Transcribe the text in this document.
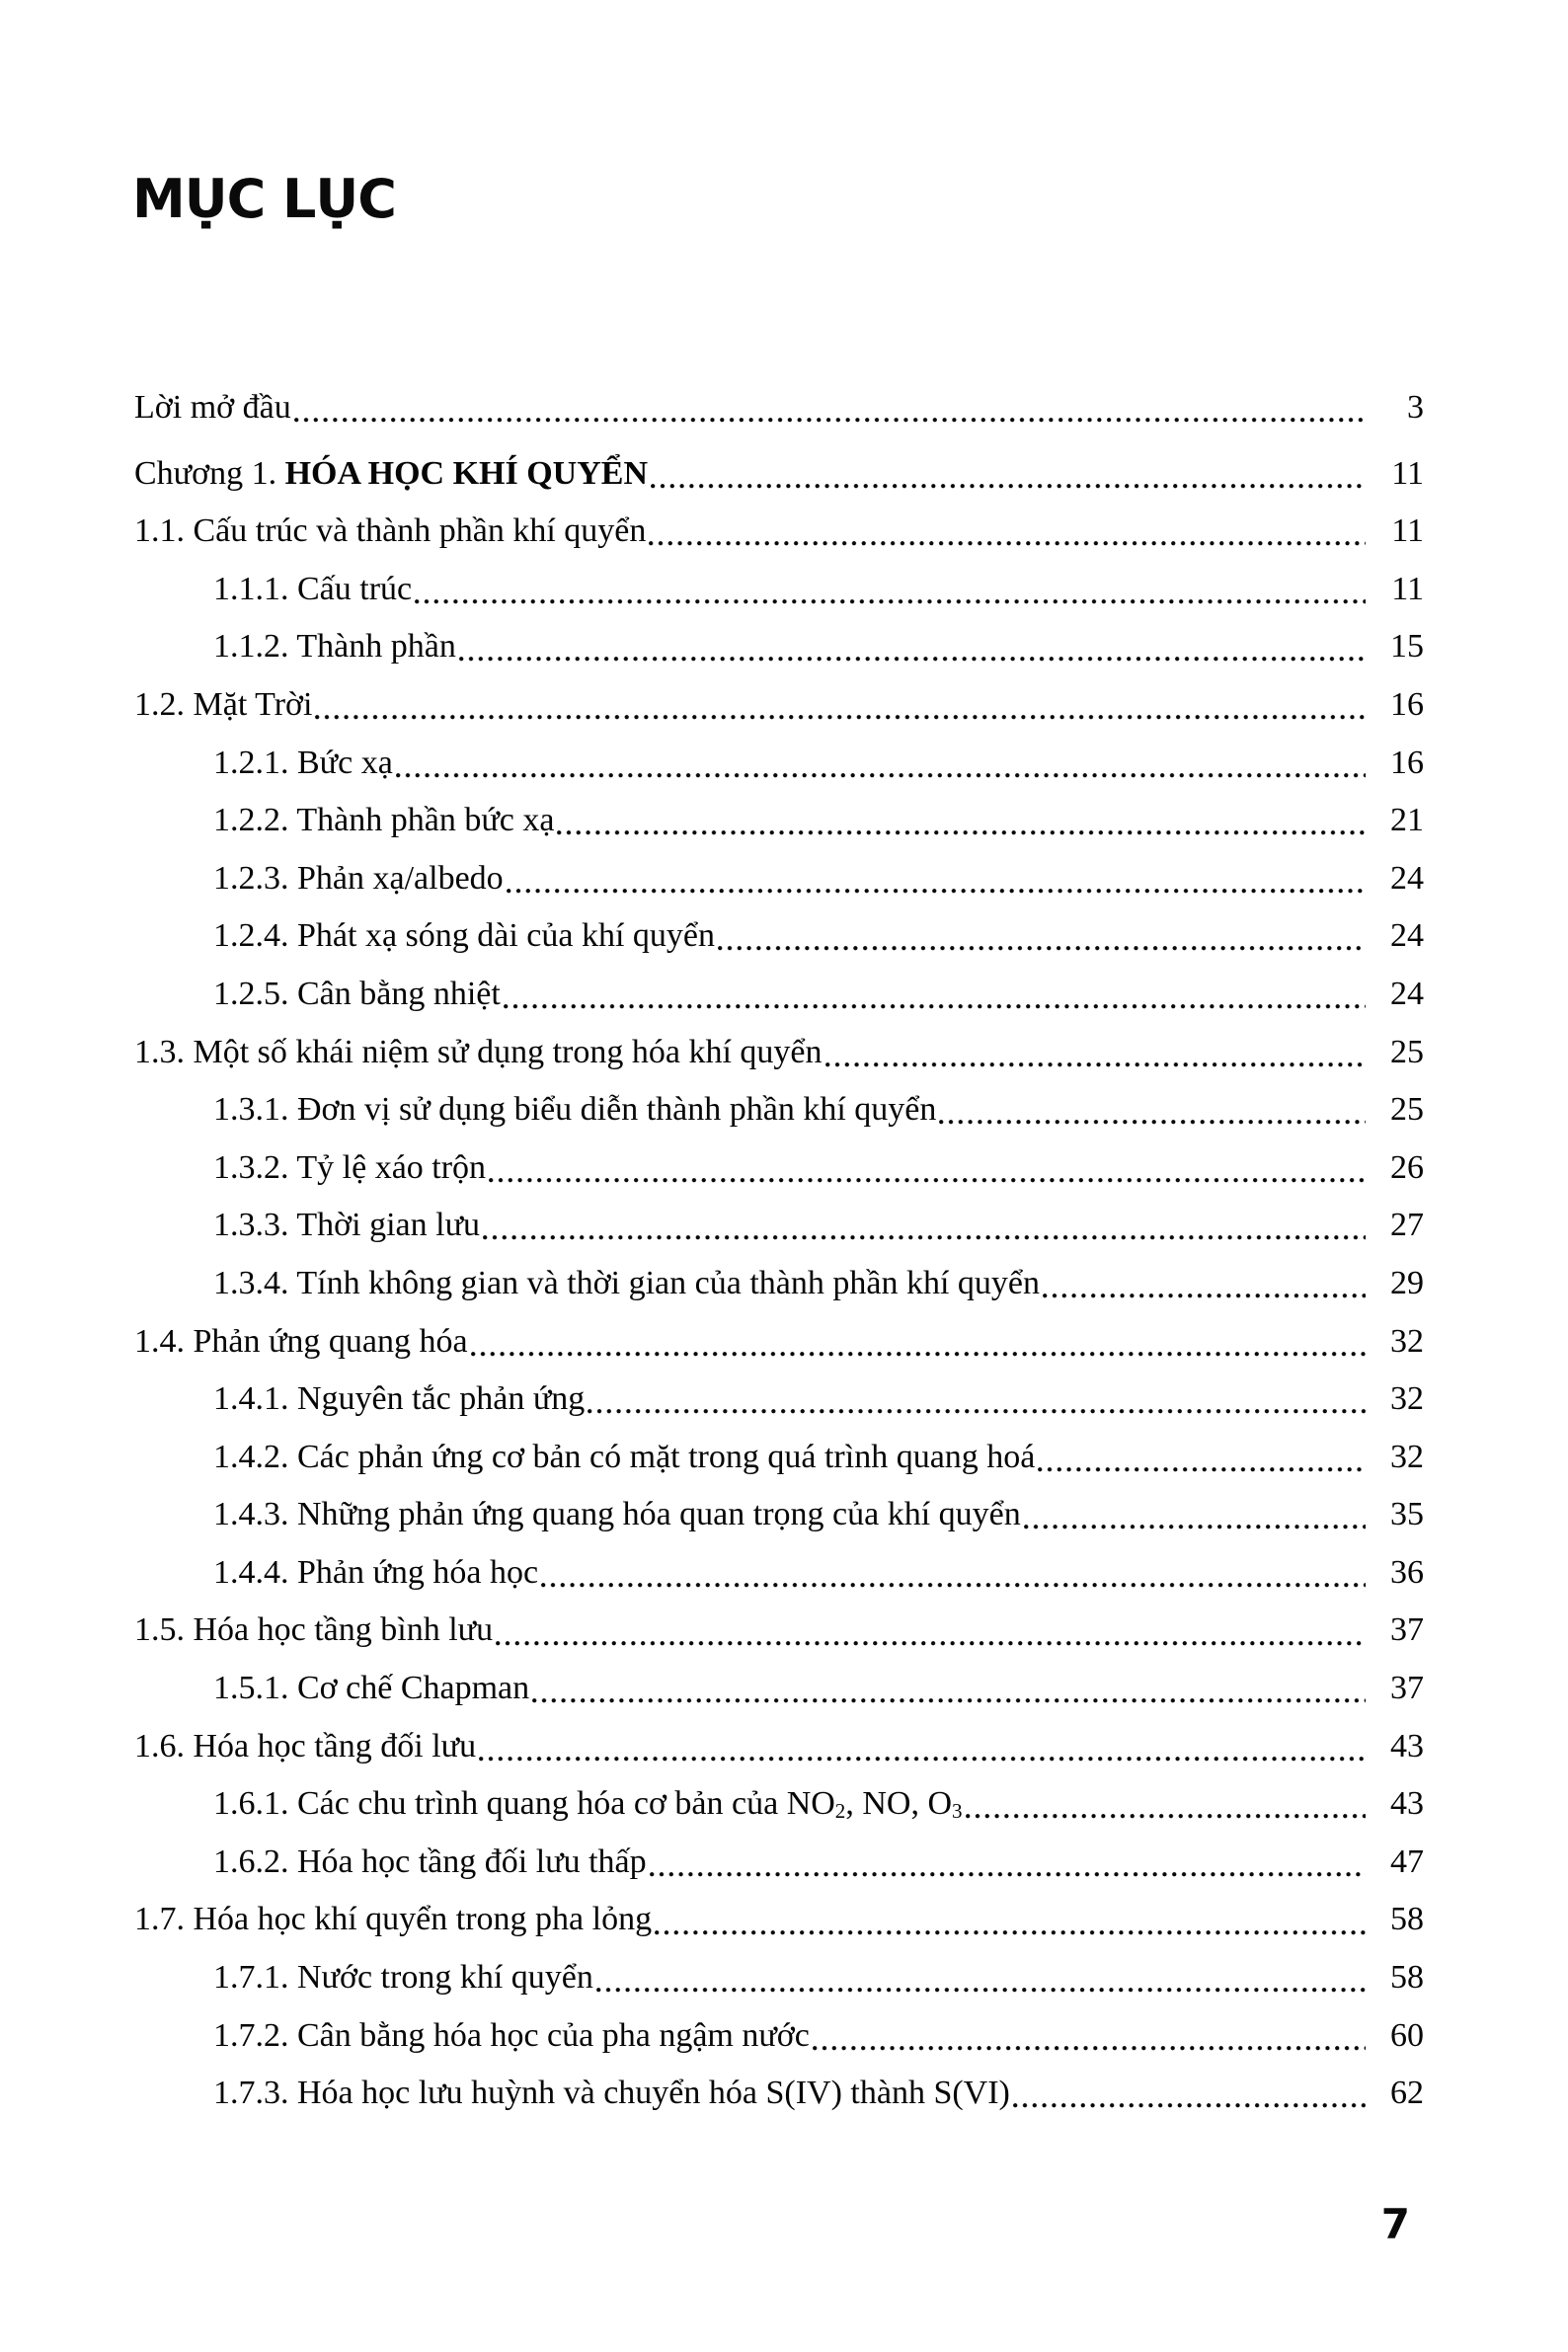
MỤC LỤC
Lời mở đầu	3
Chương 1. HÓA HỌC KHÍ QUYỂN	11
1.1. Cấu trúc và thành phần khí quyển	11
1.1.1. Cấu trúc	11
1.1.2. Thành phần	15
1.2. Mặt Trời	16
1.2.1. Bức xạ	16
1.2.2. Thành phần bức xạ	21
1.2.3. Phản xạ/albedo	24
1.2.4. Phát xạ sóng dài của khí quyển	24
1.2.5. Cân bằng nhiệt	24
1.3. Một số khái niệm sử dụng trong hóa khí quyển	25
1.3.1. Đơn vị sử dụng biểu diễn thành phần khí quyển	25
1.3.2. Tỷ lệ xáo trộn	26
1.3.3. Thời gian lưu	27
1.3.4. Tính không gian và thời gian của thành phần khí quyển	29
1.4. Phản ứng quang hóa	32
1.4.1. Nguyên tắc phản ứng	32
1.4.2. Các phản ứng cơ bản có mặt trong quá trình quang hoá	32
1.4.3. Những phản ứng quang hóa quan trọng của khí quyển	35
1.4.4. Phản ứng hóa học	36
1.5. Hóa học tầng bình lưu	37
1.5.1. Cơ chế Chapman	37
1.6. Hóa học tầng đối lưu	43
1.6.1. Các chu trình quang hóa cơ bản của NO2, NO, O3	43
1.6.2. Hóa học tầng đối lưu thấp	47
1.7. Hóa học khí quyển trong pha lỏng	58
1.7.1. Nước trong khí quyển	58
1.7.2. Cân bằng hóa học của pha ngậm nước	60
1.7.3. Hóa học lưu huỳnh và chuyển hóa S(IV) thành S(VI)	62
7
